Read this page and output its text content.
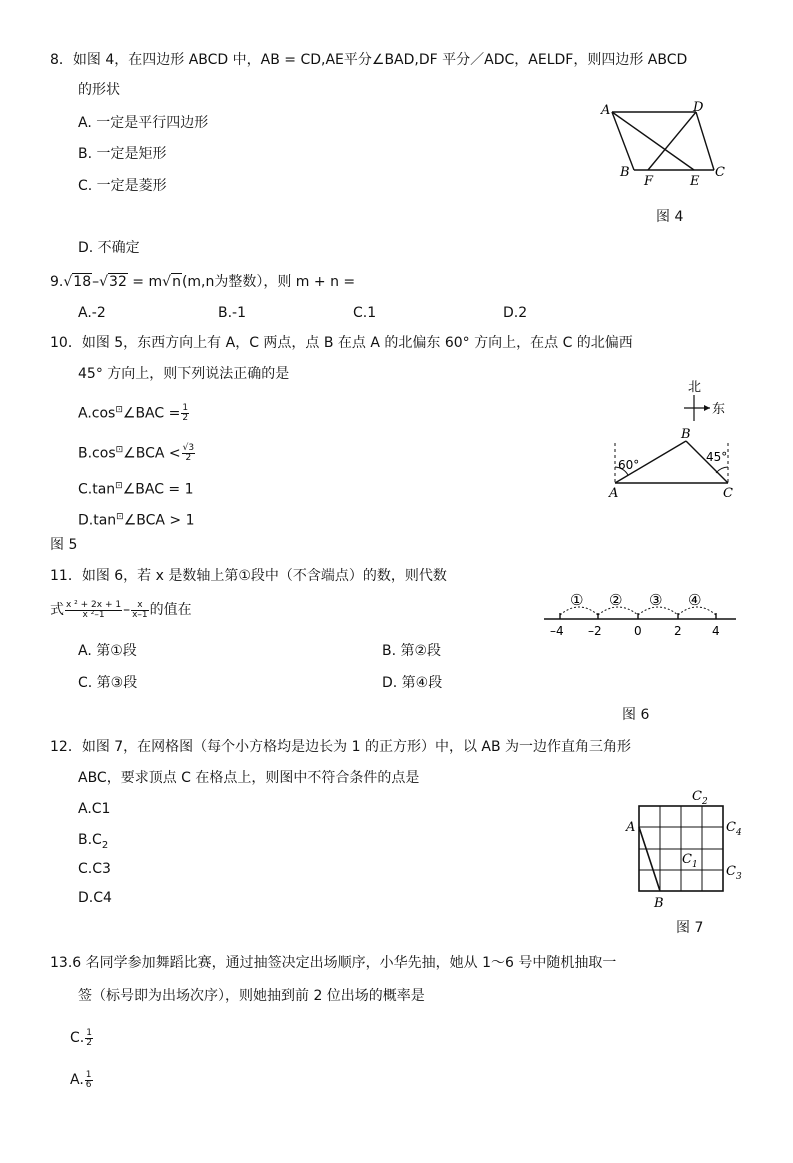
8．如图 4，在四边形 ABCD 中，AB = CD,AE平分∠BAD,DF 平分／ADC，AELDF，则四边形 ABCD
的形状
A. 一定是平行四边形
B. 一定是矩形
C. 一定是菱形
D. 不确定
A	D
B
F	E
C
图 4
9.√18–√32 = m√n(m,n为整数），则 m + n =
A.-2	B.-1	C.1	D.2
10．如图 5，东西方向上有 A，C 两点，点 B 在点 A 的北偏东 60° 方向上，在点 C 的北偏西
45° 方向上，则下列说法正确的是
A.cos⊡∠BAC = $\frac{1}{2}$
B.cos⊡∠BCA < $\frac{√3}{2}$
C.tan⊡∠BAC = 1
D.tan⊡∠BCA > 1
图 5
北
东
60°
45°
A
B
C
11．如图 6，若 x 是数轴上第①段中（不含端点）的数，则代数
式 $\frac{\text{x ² + 2x + 1}}{\text{x ²–1}} - \frac{x}{x-1}$ 的值在
A. 第①段	B. 第②段
C. 第③段	D. 第④段
① ② ③ ④
–4 –2	0	2	4
图 6
12．如图 7，在网格图（每个小方格均是边长为 1 的正方形）中，以 AB 为一边作直角三角形
ABC，要求顶点 C 在格点上，则图中不符合条件的点是
A.C1
$B.C_2$
C.C3
D.C4
A
B
$C_2$
$C_4$
$C_1$ $C_3$
图 7
13.6 名同学参加舞蹈比赛，通过抽签决定出场顺序，小华先抽，她从 1～6 号中随机抽取一
签（标号即为出场次序），则她抽到前 2 位出场的概率是
C. $\frac{1}{2}$
A. $\frac{1}{6}$
